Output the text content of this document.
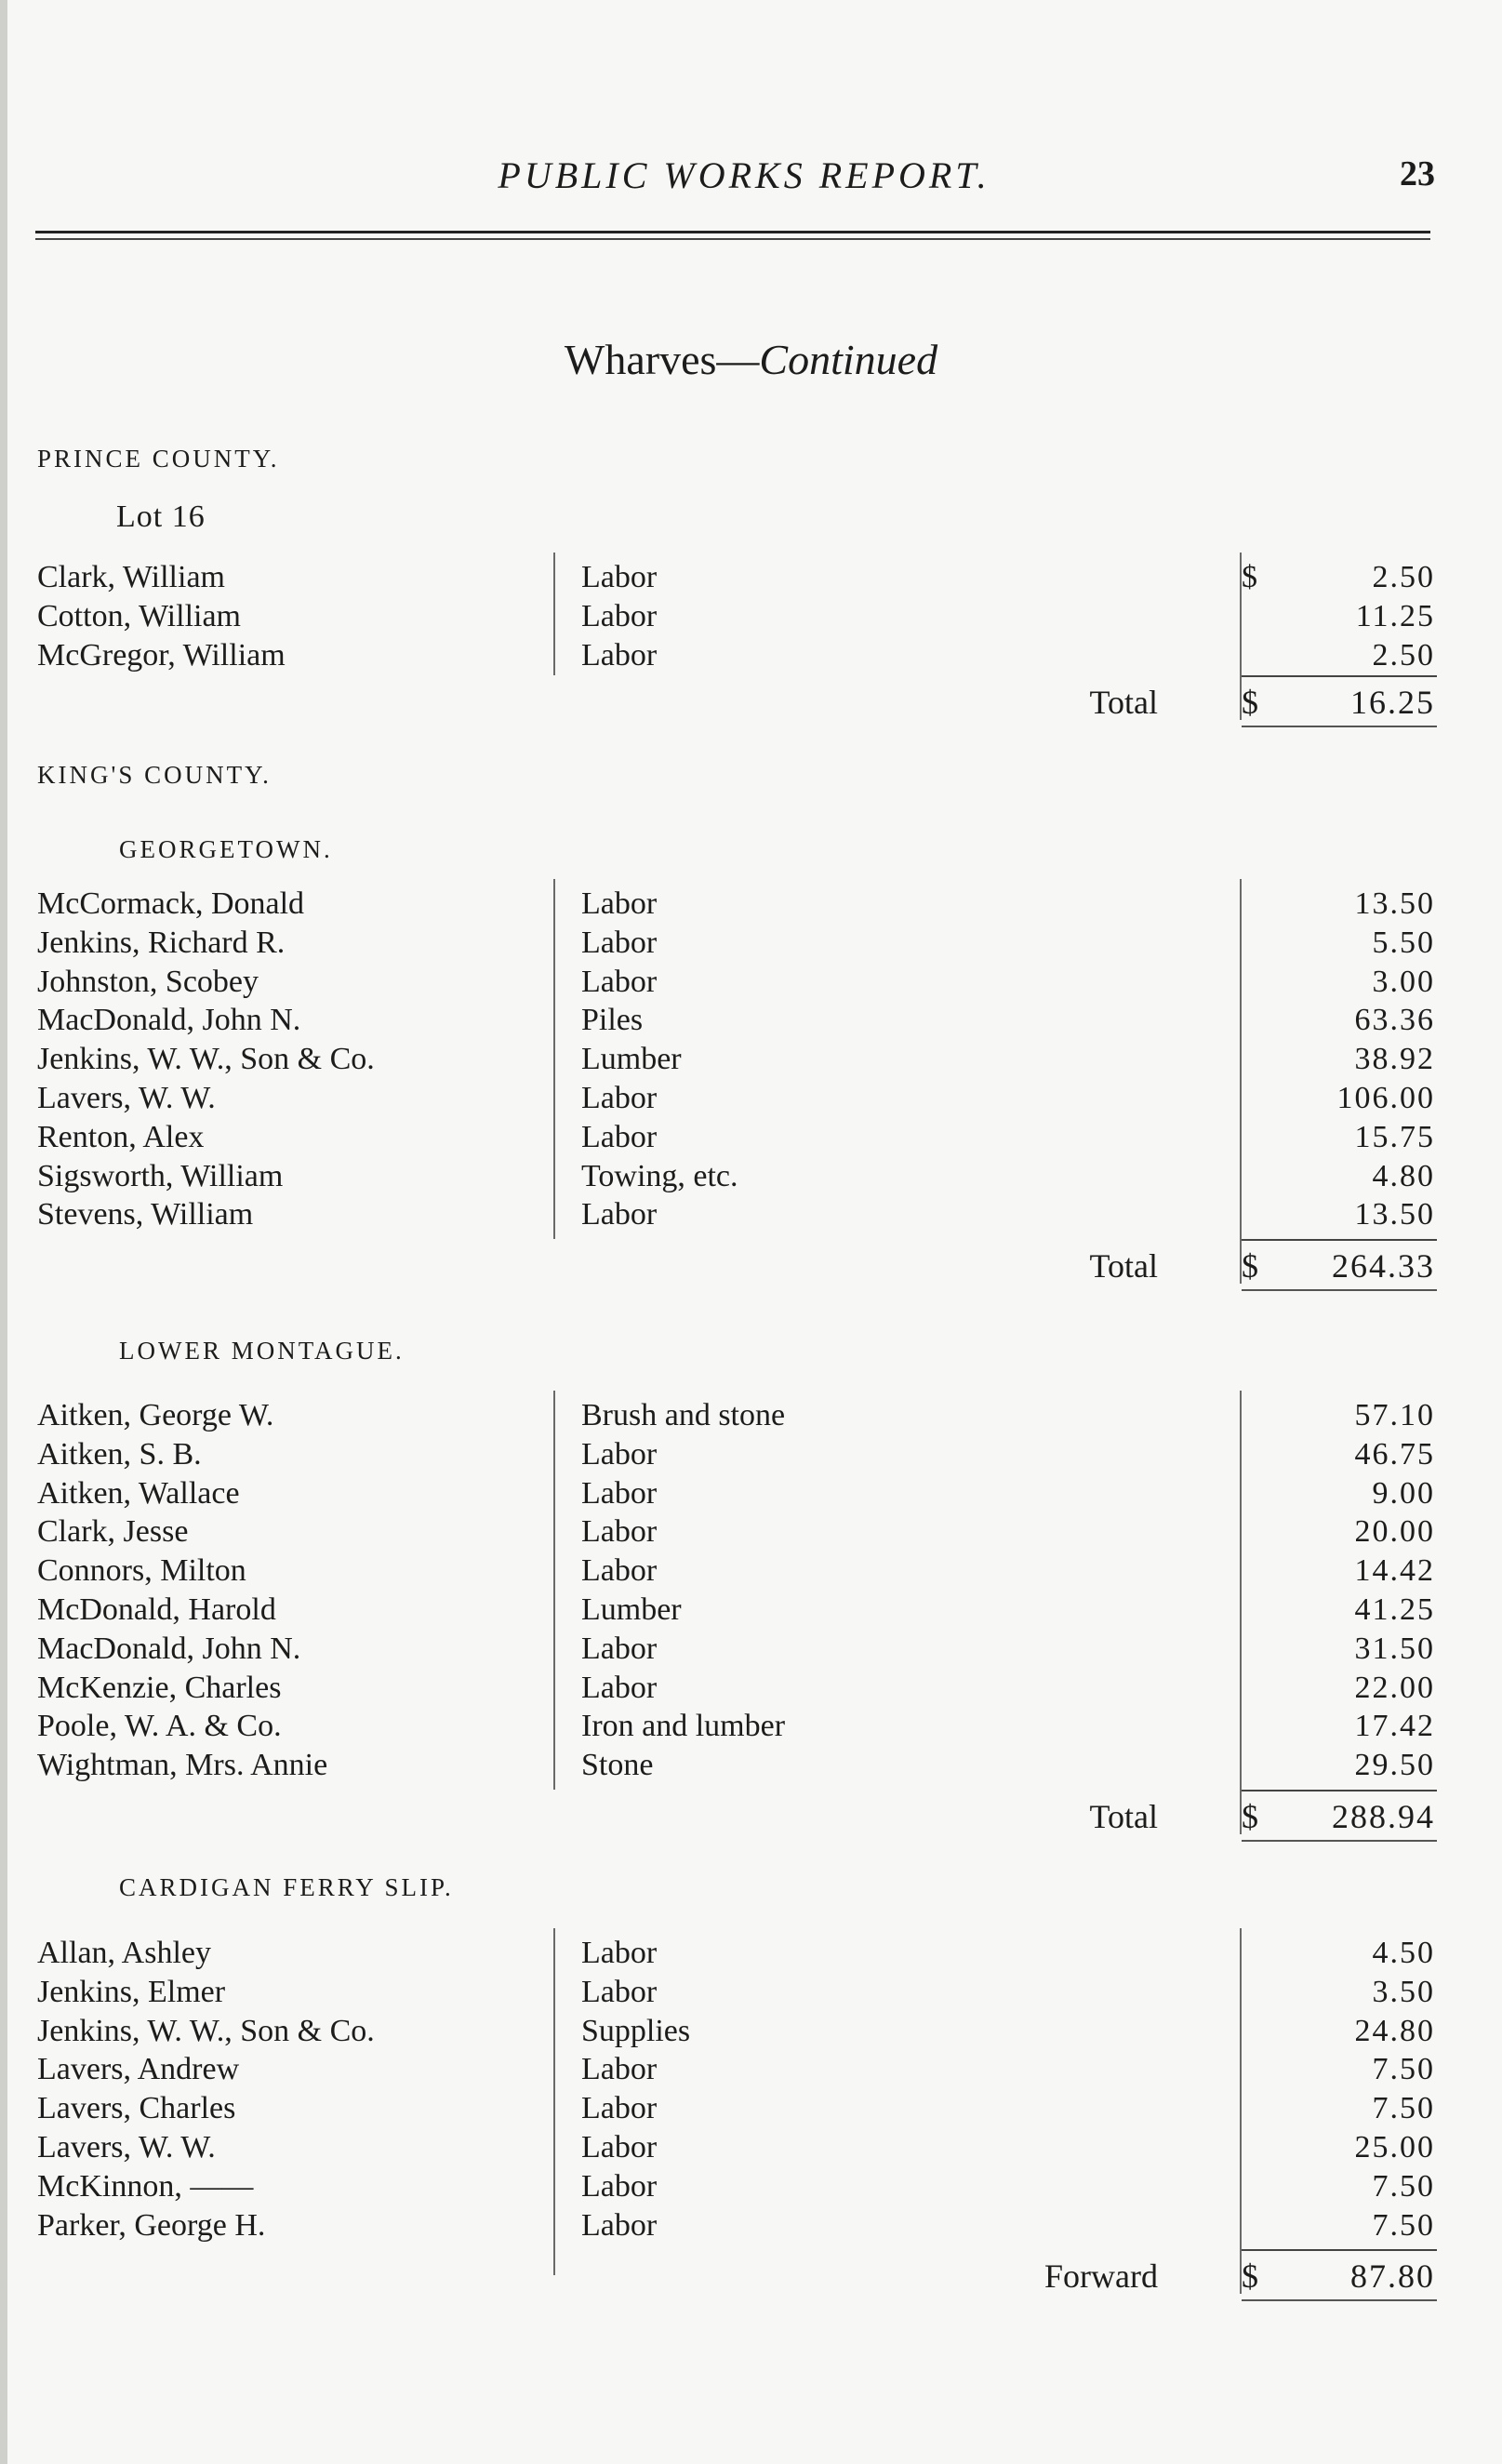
PUBLIC WORKS REPORT.	23
Wharves—Continued
PRINCE COUNTY.
Lot 16
Clark, William	Labor	$	2.50
Cotton, William	Labor	11.25
McGregor, William	Labor	2.50
Total	$	16.25
KING'S COUNTY.
GEORGETOWN.
McCormack, Donald	Labor	13.50
Jenkins, Richard R.	Labor	5.50
Johnston, Scobey	Labor	3.00
MacDonald, John N.	Piles	63.36
Jenkins, W. W., Son & Co.	Lumber	38.92
Lavers, W. W.	Labor	106.00
Renton, Alex	Labor	15.75
Sigsworth, William	Towing, etc.	4.80
Stevens, William	Labor	13.50
Total	$ 264.33
LOWER MONTAGUE.
Aitken, George W.	Brush and stone	57.10
Aitken, S. B.	Labor	46.75
Aitken, Wallace	Labor	9.00
Clark, Jesse	Labor	20.00
Connors, Milton	Labor	14.42
McDonald, Harold	Lumber	41.25
MacDonald, John N.	Labor	31.50
McKenzie, Charles	Labor	22.00
Poole, W. A. & Co.	Iron and lumber	17.42
Wightman, Mrs. Annie	Stone	29.50
Total	$ 288.94
CARDIGAN FERRY SLIP.
Allan, Ashley	Labor	4.50
Jenkins, Elmer	Labor	3.50
Jenkins, W. W., Son & Co.	Supplies	24.80
Lavers, Andrew	Labor	7.50
Lavers, Charles	Labor	7.50
Lavers, W. W.	Labor	25.00
McKinnon, ——	Labor	7.50
Parker, George H.	Labor	7.50
Forward	$	87.80
